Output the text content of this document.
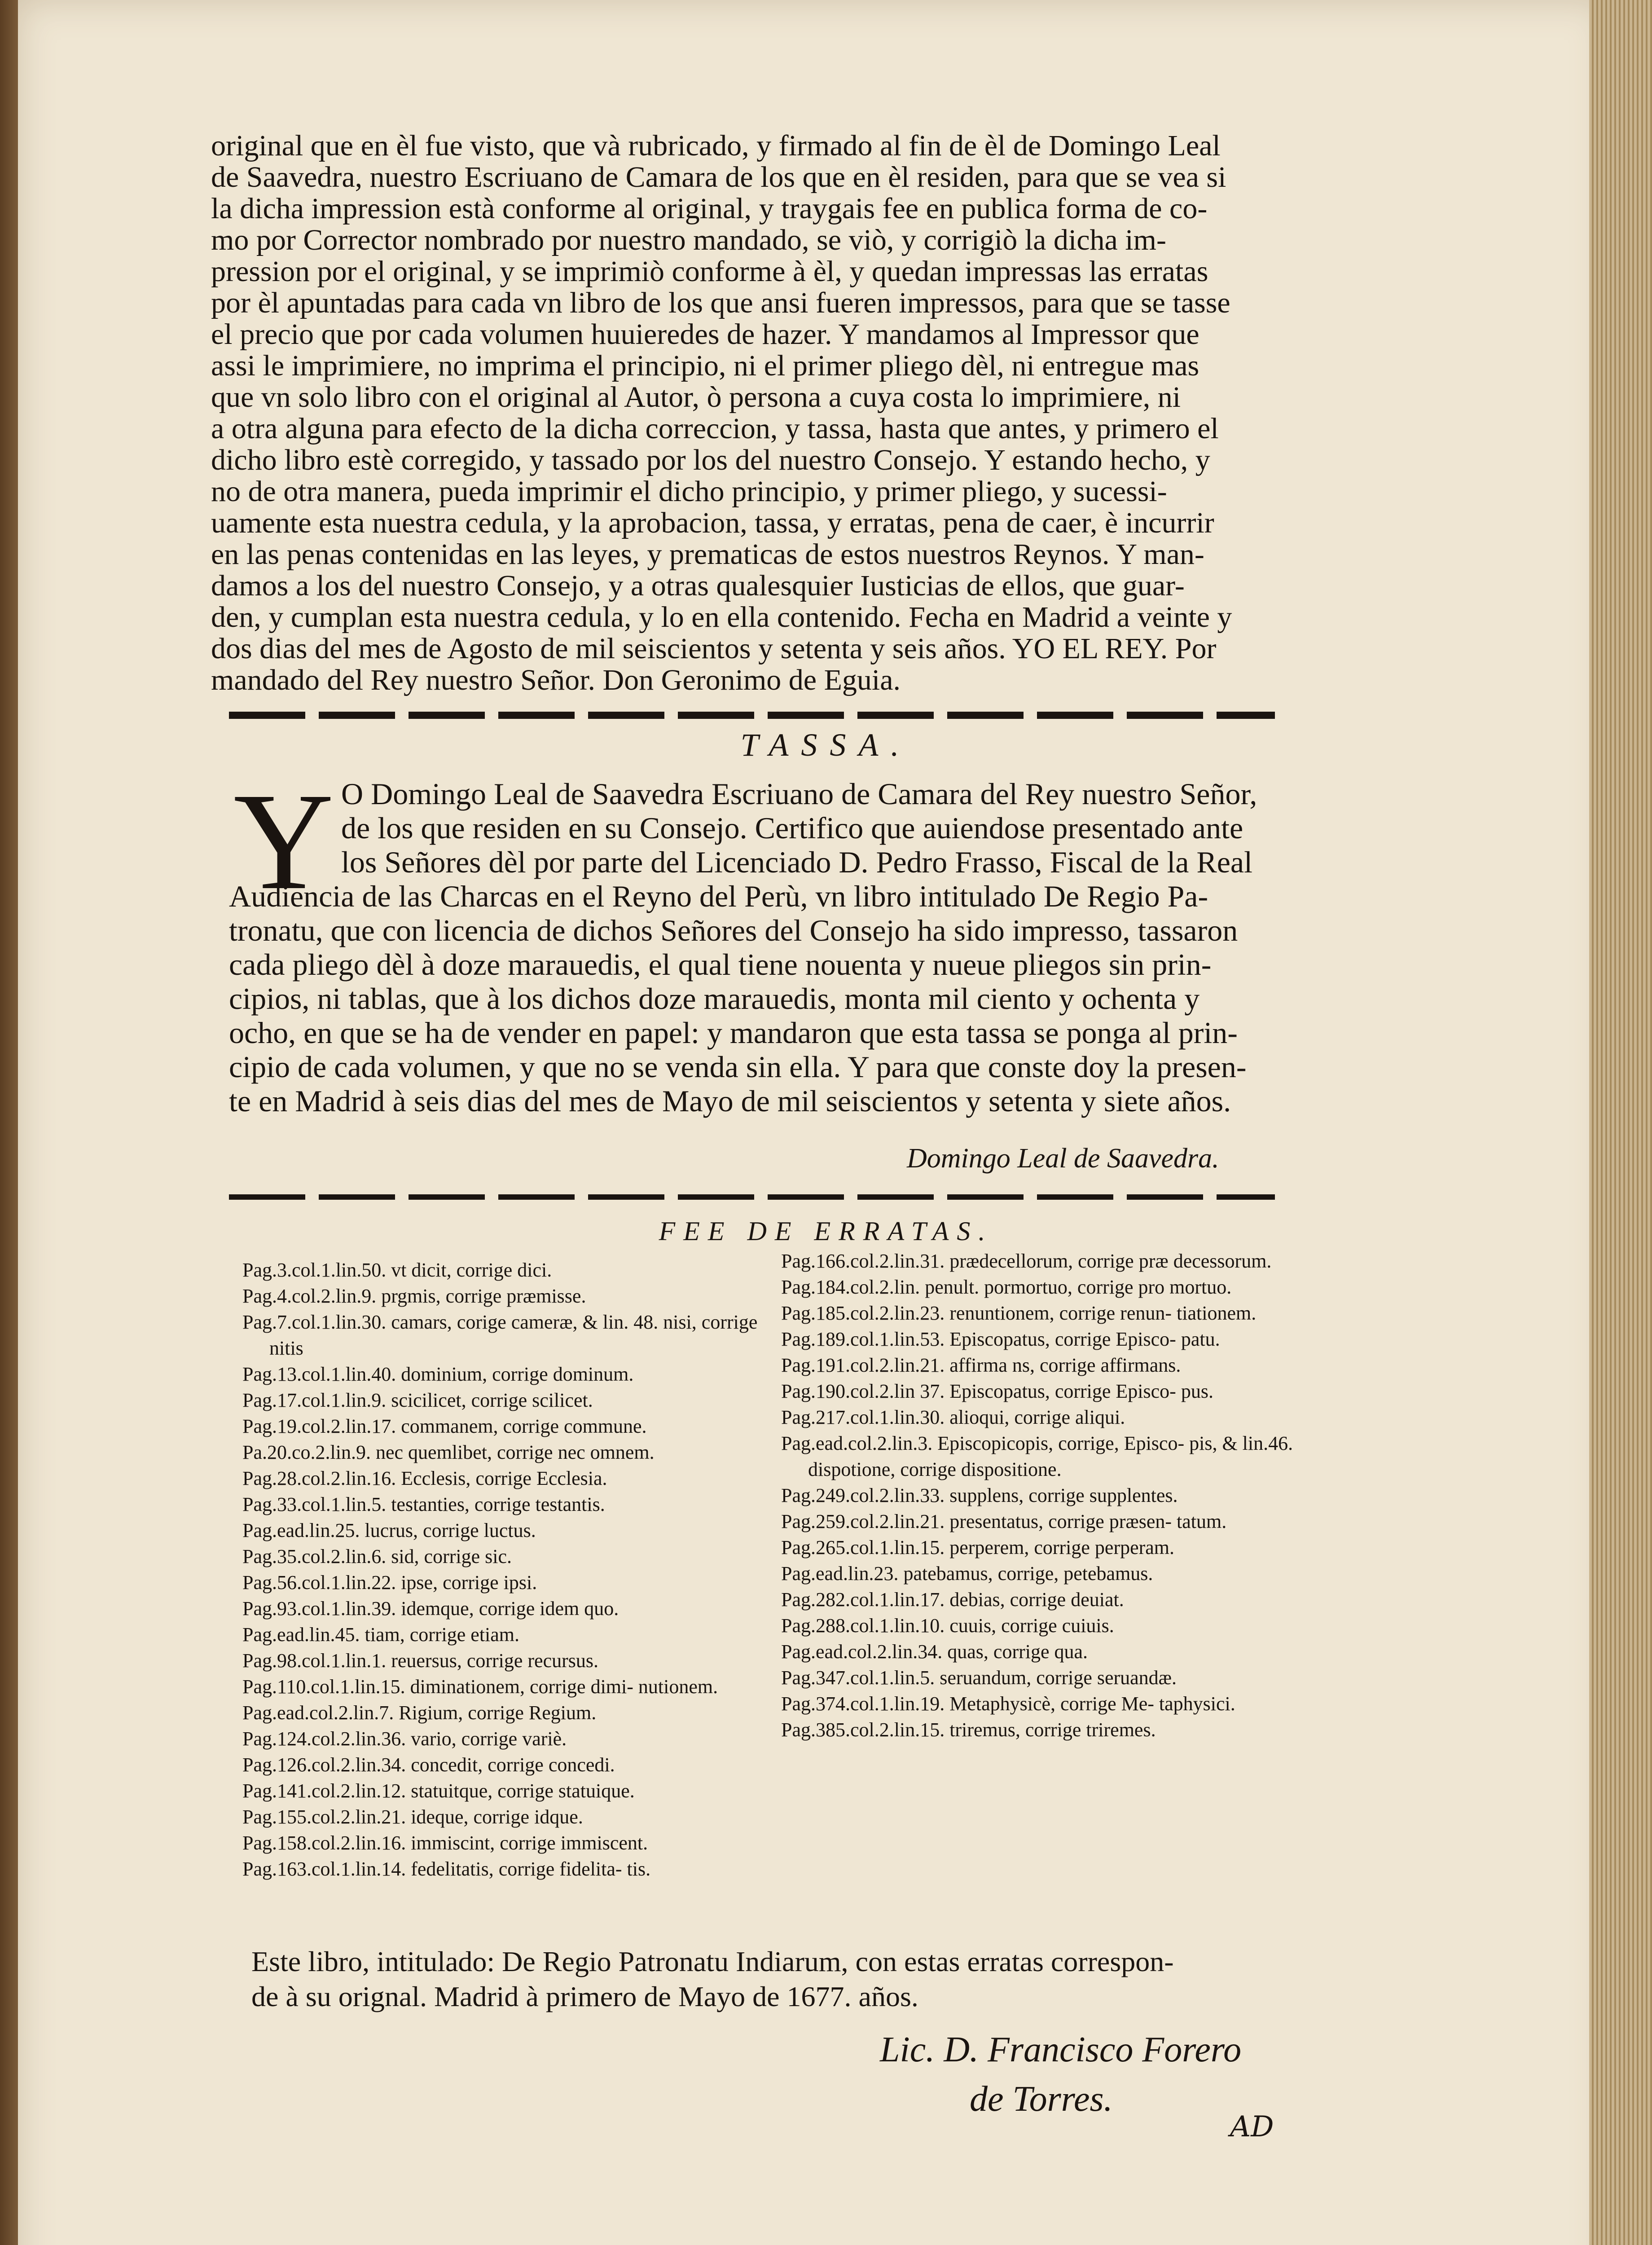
original que en èl fue visto, que và rubricado, y firmado al fin de èl de Domingo Leal
de Saavedra, nuestro Escriuano de Camara de los que en èl residen, para que se vea si
la dicha impression està conforme al original, y traygais fee en publica forma de co-
mo por Corrector nombrado por nuestro mandado, se viò, y corrigiò la dicha im-
pression por el original, y se imprimiò conforme à èl, y quedan impressas las erratas
por èl apuntadas para cada vn libro de los que ansi fueren impressos, para que se tasse
el precio que por cada volumen huuieredes de hazer. Y mandamos al Impressor que
assi le imprimiere, no imprima el principio, ni el primer pliego dèl, ni entregue mas
que vn solo libro con el original al Autor, ò persona a cuya costa lo imprimiere, ni
a otra alguna para efecto de la dicha correccion, y tassa, hasta que antes, y primero el
dicho libro estè corregido, y tassado por los del nuestro Consejo. Y estando hecho, y
no de otra manera, pueda imprimir el dicho principio, y primer pliego, y sucessi-
uamente esta nuestra cedula, y la aprobacion, tassa, y erratas, pena de caer, è incurrir
en las penas contenidas en las leyes, y prematicas de estos nuestros Reynos. Y man-
damos a los del nuestro Consejo, y a otras qualesquier Iusticias de ellos, que guar-
den, y cumplan esta nuestra cedula, y lo en ella contenido. Fecha en Madrid a veinte y
dos dias del mes de Agosto de mil seiscientos y setenta y seis años. YO EL REY. Por
mandado del Rey nuestro Señor. Don Geronimo de Eguia.
TASSA.
Y O Domingo Leal de Saavedra Escriuano de Camara del Rey nuestro Señor,
de los que residen en su Consejo. Certifico que auiendose presentado ante
los Señores dèl por parte del Licenciado D. Pedro Frasso, Fiscal de la Real
Audiencia de las Charcas en el Reyno del Perù, vn libro intitulado De Regio Pa-
tronatu, que con licencia de dichos Señores del Consejo ha sido impresso, tassaron
cada pliego dèl à doze marauedis, el qual tiene nouenta y nueue pliegos sin prin-
cipios, ni tablas, que à los dichos doze marauedis, monta mil ciento y ochenta y
ocho, en que se ha de vender en papel: y mandaron que esta tassa se ponga al prin-
cipio de cada volumen, y que no se venda sin ella. Y para que conste doy la presen-
te en Madrid à seis dias del mes de Mayo de mil seiscientos y setenta y siete años.
Domingo Leal de Saavedra.
FEE DE ERRATAS.
Pag.3.col.1.lin.50. vt dicit, corrige dici.
Pag.4.col.2.lin.9. prgmis, corrige præmisse.
Pag.7.col.1.lin.30. camars, corige cameræ, & lin. 48. nisi, corrige nitis
Pag.13.col.1.lin.40. dominium, corrige dominum.
Pag.17.col.1.lin.9. scicilicet, corrige scilicet.
Pag.19.col.2.lin.17. commanem, corrige commune.
Pa.20.co.2.lin.9. nec quemlibet, corrige nec omnem.
Pag.28.col.2.lin.16. Ecclesis, corrige Ecclesia.
Pag.33.col.1.lin.5. testanties, corrige testantis.
Pag.ead.lin.25. lucrus, corrige luctus.
Pag.35.col.2.lin.6. sid, corrige sic.
Pag.56.col.1.lin.22. ipse, corrige ipsi.
Pag.93.col.1.lin.39. idemque, corrige idem quo.
Pag.ead.lin.45. tiam, corrige etiam.
Pag.98.col.1.lin.1. reuersus, corrige recursus.
Pag.110.col.1.lin.15. diminationem, corrige dimi- nutionem.
Pag.ead.col.2.lin.7. Rigium, corrige Regium.
Pag.124.col.2.lin.36. vario, corrige variè.
Pag.126.col.2.lin.34. concedit, corrige concedi.
Pag.141.col.2.lin.12. statuitque, corrige statuique.
Pag.155.col.2.lin.21. ideque, corrige idque.
Pag.158.col.2.lin.16. immiscint, corrige immiscent.
Pag.163.col.1.lin.14. fedelitatis, corrige fidelita- tis.
Pag.166.col.2.lin.31. prædecellorum, corrige præ decessorum.
Pag.184.col.2.lin. penult. pormortuo, corrige pro mortuo.
Pag.185.col.2.lin.23. renuntionem, corrige renun- tiationem.
Pag.189.col.1.lin.53. Episcopatus, corrige Episco- patu.
Pag.191.col.2.lin.21. affirma ns, corrige affirmans.
Pag.190.col.2.lin 37. Episcopatus, corrige Episco- pus.
Pag.217.col.1.lin.30. alioqui, corrige aliqui.
Pag.ead.col.2.lin.3. Episcopicopis, corrige, Episco- pis, & lin.46. dispotione, corrige dispositione.
Pag.249.col.2.lin.33. supplens, corrige supplentes.
Pag.259.col.2.lin.21. presentatus, corrige præsen- tatum.
Pag.265.col.1.lin.15. perperem, corrige perperam.
Pag.ead.lin.23. patebamus, corrige, petebamus.
Pag.282.col.1.lin.17. debias, corrige deuiat.
Pag.288.col.1.lin.10. cuuis, corrige cuiuis.
Pag.ead.col.2.lin.34. quas, corrige qua.
Pag.347.col.1.lin.5. seruandum, corrige seruandæ.
Pag.374.col.1.lin.19. Metaphysicè, corrige Me- taphysici.
Pag.385.col.2.lin.15. triremus, corrige triremes.
Este libro, intitulado: De Regio Patronatu Indiarum, con estas erratas correspon-
de à su orignal. Madrid à primero de Mayo de 1677. años.
Lic. D. Francisco Forero
de Torres.
AD
